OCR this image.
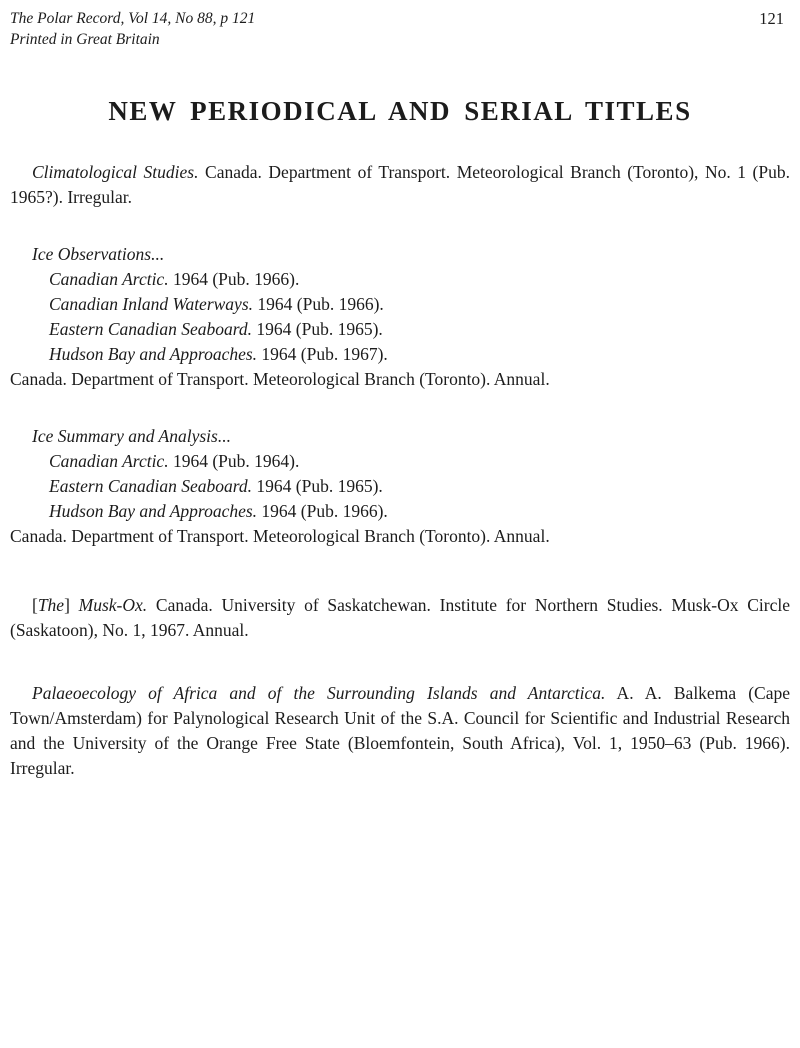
The Polar Record, Vol 14, No 88, p 121
Printed in Great Britain
121
NEW PERIODICAL AND SERIAL TITLES

Climatological Studies. Canada. Department of Transport. Meteorological Branch (Toronto), No. 1 (Pub. 1965?). Irregular.

Ice Observations...

Canadian Arctic. 1964 (Pub. 1966).

Canadian Inland Waterways. 1964 (Pub. 1966).

Eastern Canadian Seaboard. 1964 (Pub. 1965).

Hudson Bay and Approaches. 1964 (Pub. 1967).

Canada. Department of Transport. Meteorological Branch (Toronto). Annual.

Ice Summary and Analysis...

Canadian Arctic. 1964 (Pub. 1964).

Eastern Canadian Seaboard. 1964 (Pub. 1965).

Hudson Bay and Approaches. 1964 (Pub. 1966).

Canada. Department of Transport. Meteorological Branch (Toronto). Annual.

[The] Musk-Ox. Canada. University of Saskatchewan. Institute for Northern Studies. Musk-Ox Circle (Saskatoon), No. 1, 1967. Annual.

Palaeoecology of Africa and of the Surrounding Islands and Antarctica. A. A. Balkema (Cape Town/Amsterdam) for Palynological Research Unit of the S.A. Council for Scientific and Industrial Research and the University of the Orange Free State (Bloemfontein, South Africa), Vol. 1, 1950–63 (Pub. 1966). Irregular.
